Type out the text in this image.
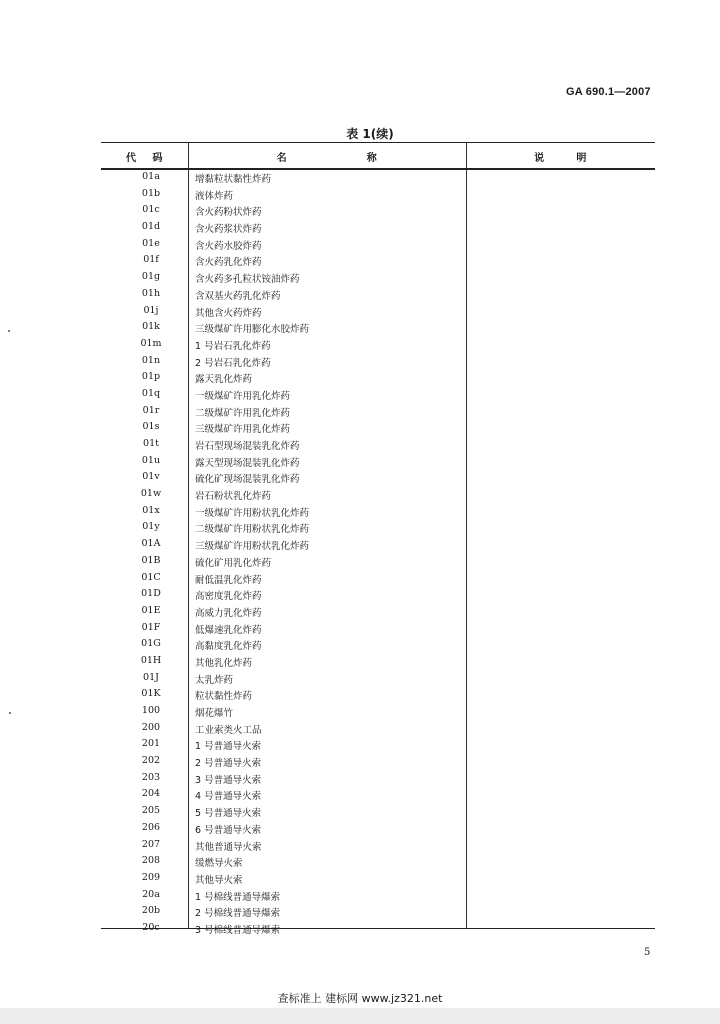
GA 690.1—2007
表 1(续)
代    码	名                    称	说        明
01a	增黏粒状黏性炸药
01b	液体炸药
01c	含火药粉状炸药
01d	含火药浆状炸药
01e	含火药水胶炸药
01f	含火药乳化炸药
01g	含火药多孔粒状铵油炸药
01h	含双基火药乳化炸药
01j	其他含火药炸药
01k	三级煤矿许用膨化水胶炸药
01m	1 号岩石乳化炸药
01n	2 号岩石乳化炸药
01p	露天乳化炸药
01q	一级煤矿许用乳化炸药
01r	二级煤矿许用乳化炸药
01s	三级煤矿许用乳化炸药
01t	岩石型现场混装乳化炸药
01u	露天型现场混装乳化炸药
01v	硫化矿现场混装乳化炸药
01w	岩石粉状乳化炸药
01x	一级煤矿许用粉状乳化炸药
01y	二级煤矿许用粉状乳化炸药
01A	三级煤矿许用粉状乳化炸药
01B	硫化矿用乳化炸药
01C	耐低温乳化炸药
01D	高密度乳化炸药
01E	高威力乳化炸药
01F	低爆速乳化炸药
01G	高黏度乳化炸药
01H	其他乳化炸药
01J	太乳炸药
01K	粒状黏性炸药
100	烟花爆竹
200	工业索类火工品
201	1 号普通导火索
202	2 号普通导火索
203	3 号普通导火索
204	4 号普通导火索
205	5 号普通导火索
206	6 号普通导火索
207	其他普通导火索
208	缓燃导火索
209	其他导火索
20a	1 号棉线普通导爆索
20b	2 号棉线普通导爆索
20c	3 号棉线普通导爆索
5
查标准上 建标网 www.jz321.net
